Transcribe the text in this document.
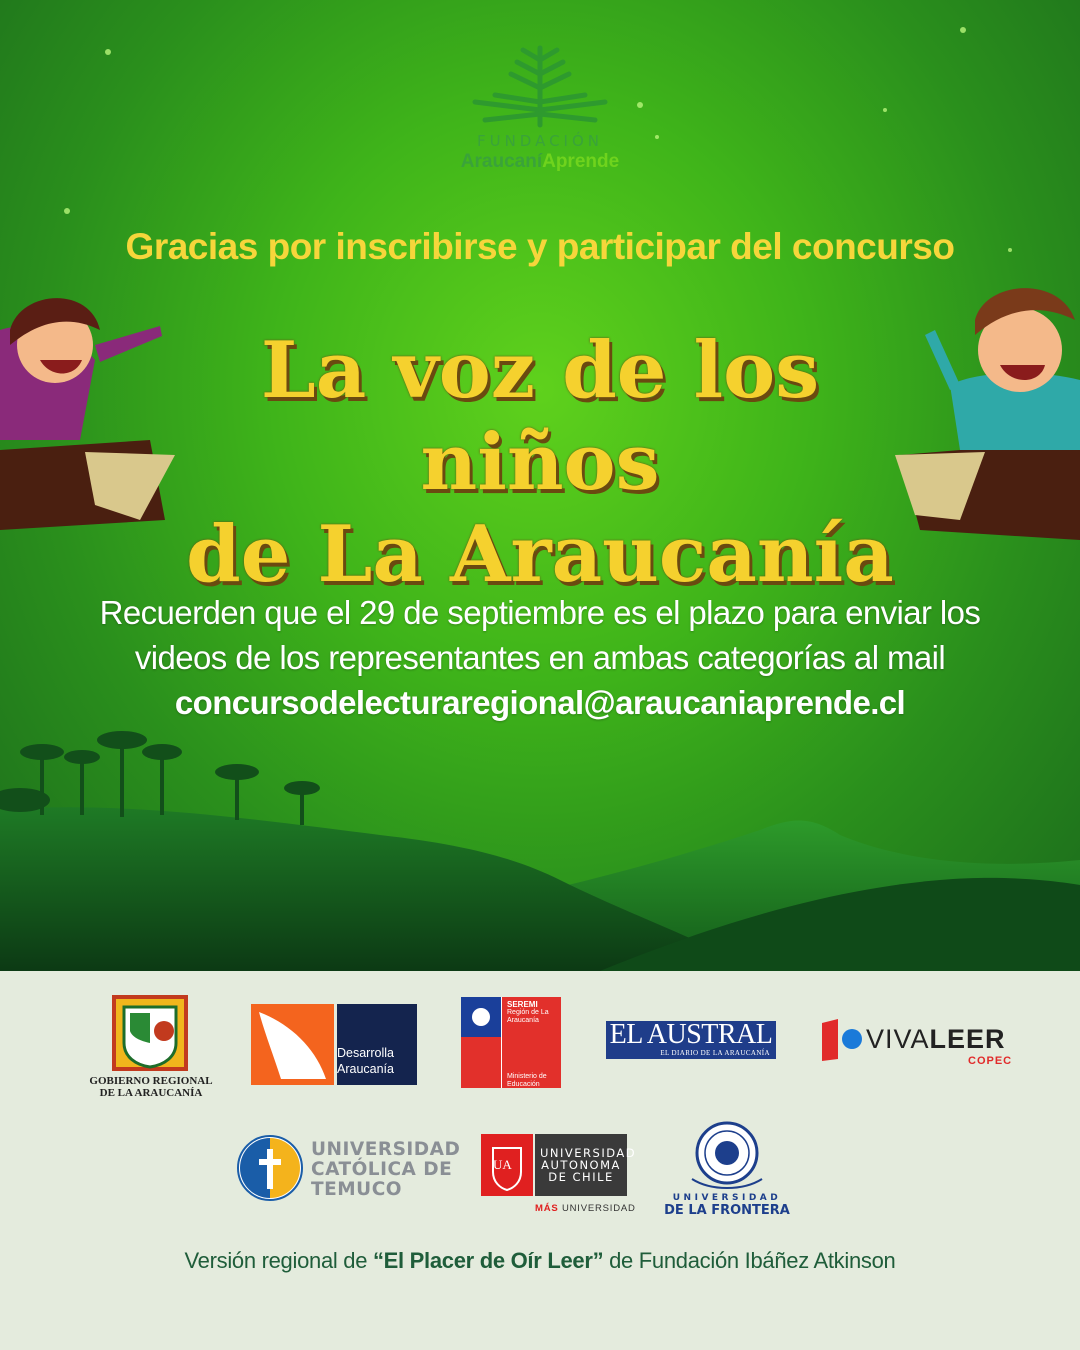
FUNDACIÓN
AraucaníAprende
Gracias por inscribirse y participar del concurso
La voz de los niños
de La Araucanía
Recuerden que el 29 de septiembre es el plazo para enviar los
videos de los representantes en ambas categorías al mail
concursodelecturaregional@araucaniaprende.cl
GOBIERNO REGIONAL
DE LA ARAUCANÍA
Desarrolla
Araucanía
SEREMI
Región de La Araucanía
Ministerio de Educación
EL AUSTRAL
EL DIARIO DE LA ARAUCANÍA	VIVALEER
COPEC
UNIVERSIDAD
CATÓLICA DE
TEMUCO
UA
UNIVERSIDAD
AUTONOMA
DE CHILE
MÁS UNIVERSIDAD
UNIVERSIDAD
DE LA FRONTERA
Versión regional de “El Placer de Oír Leer” de Fundación Ibáñez Atkinson
